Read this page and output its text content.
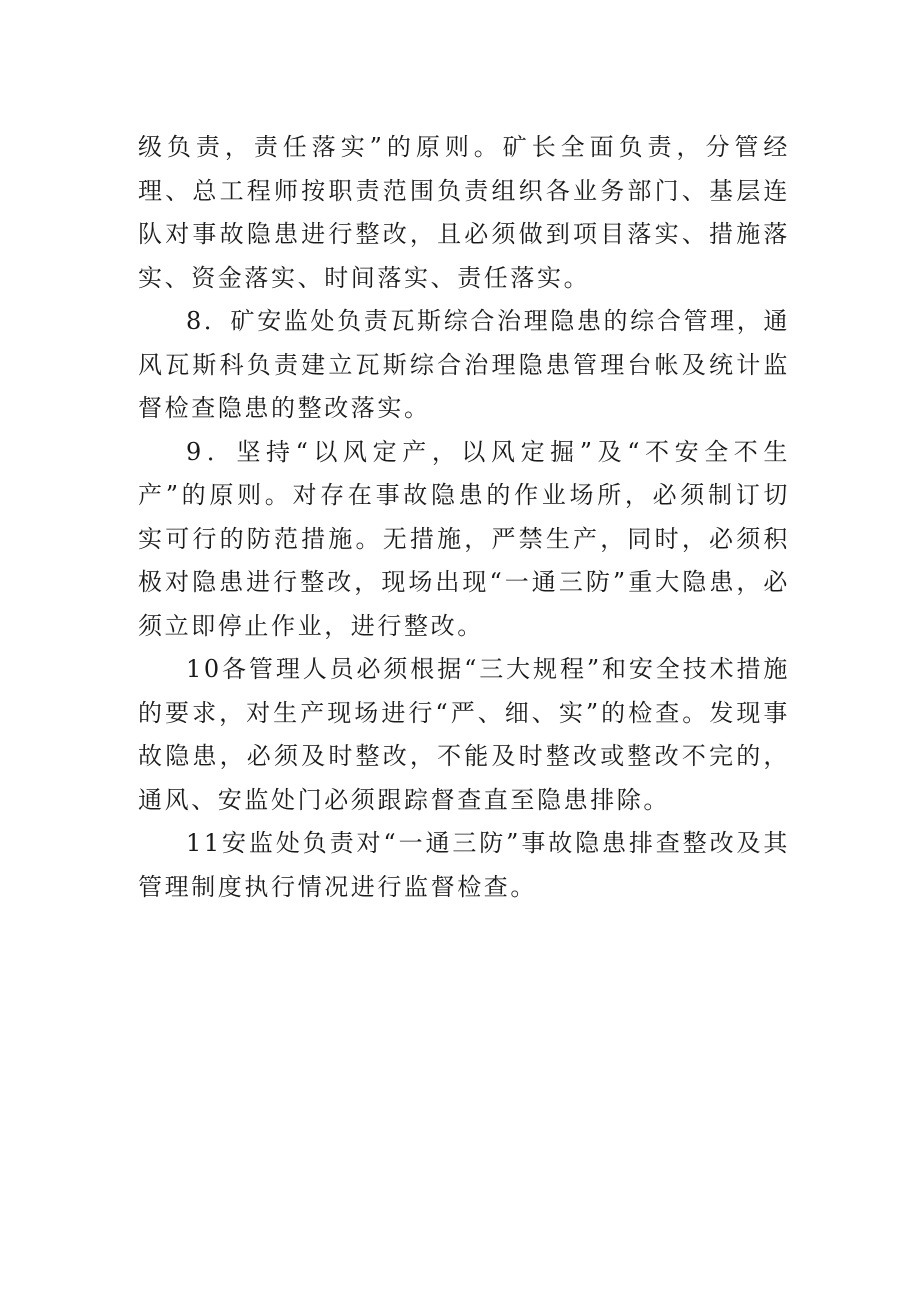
级负责，责任落实”的原则。矿长全面负责，分管经理、总工程师按职责范围负责组织各业务部门、基层连队对事故隐患进行整改，且必须做到项目落实、措施落实、资金落实、时间落实、责任落实。

8．矿安监处负责瓦斯综合治理隐患的综合管理，通风瓦斯科负责建立瓦斯综合治理隐患管理台帐及统计监督检查隐患的整改落实。

9．坚持“以风定产，以风定掘”及“不安全不生产”的原则。对存在事故隐患的作业场所，必须制订切实可行的防范措施。无措施，严禁生产，同时，必须积极对隐患进行整改，现场出现“一通三防”重大隐患，必须立即停止作业，进行整改。

10各管理人员必须根据“三大规程”和安全技术措施的要求，对生产现场进行“严、细、实”的检查。发现事故隐患，必须及时整改，不能及时整改或整改不完的，通风、安监处门必须跟踪督查直至隐患排除。

11安监处负责对“一通三防”事故隐患排查整改及其管理制度执行情况进行监督检查。
